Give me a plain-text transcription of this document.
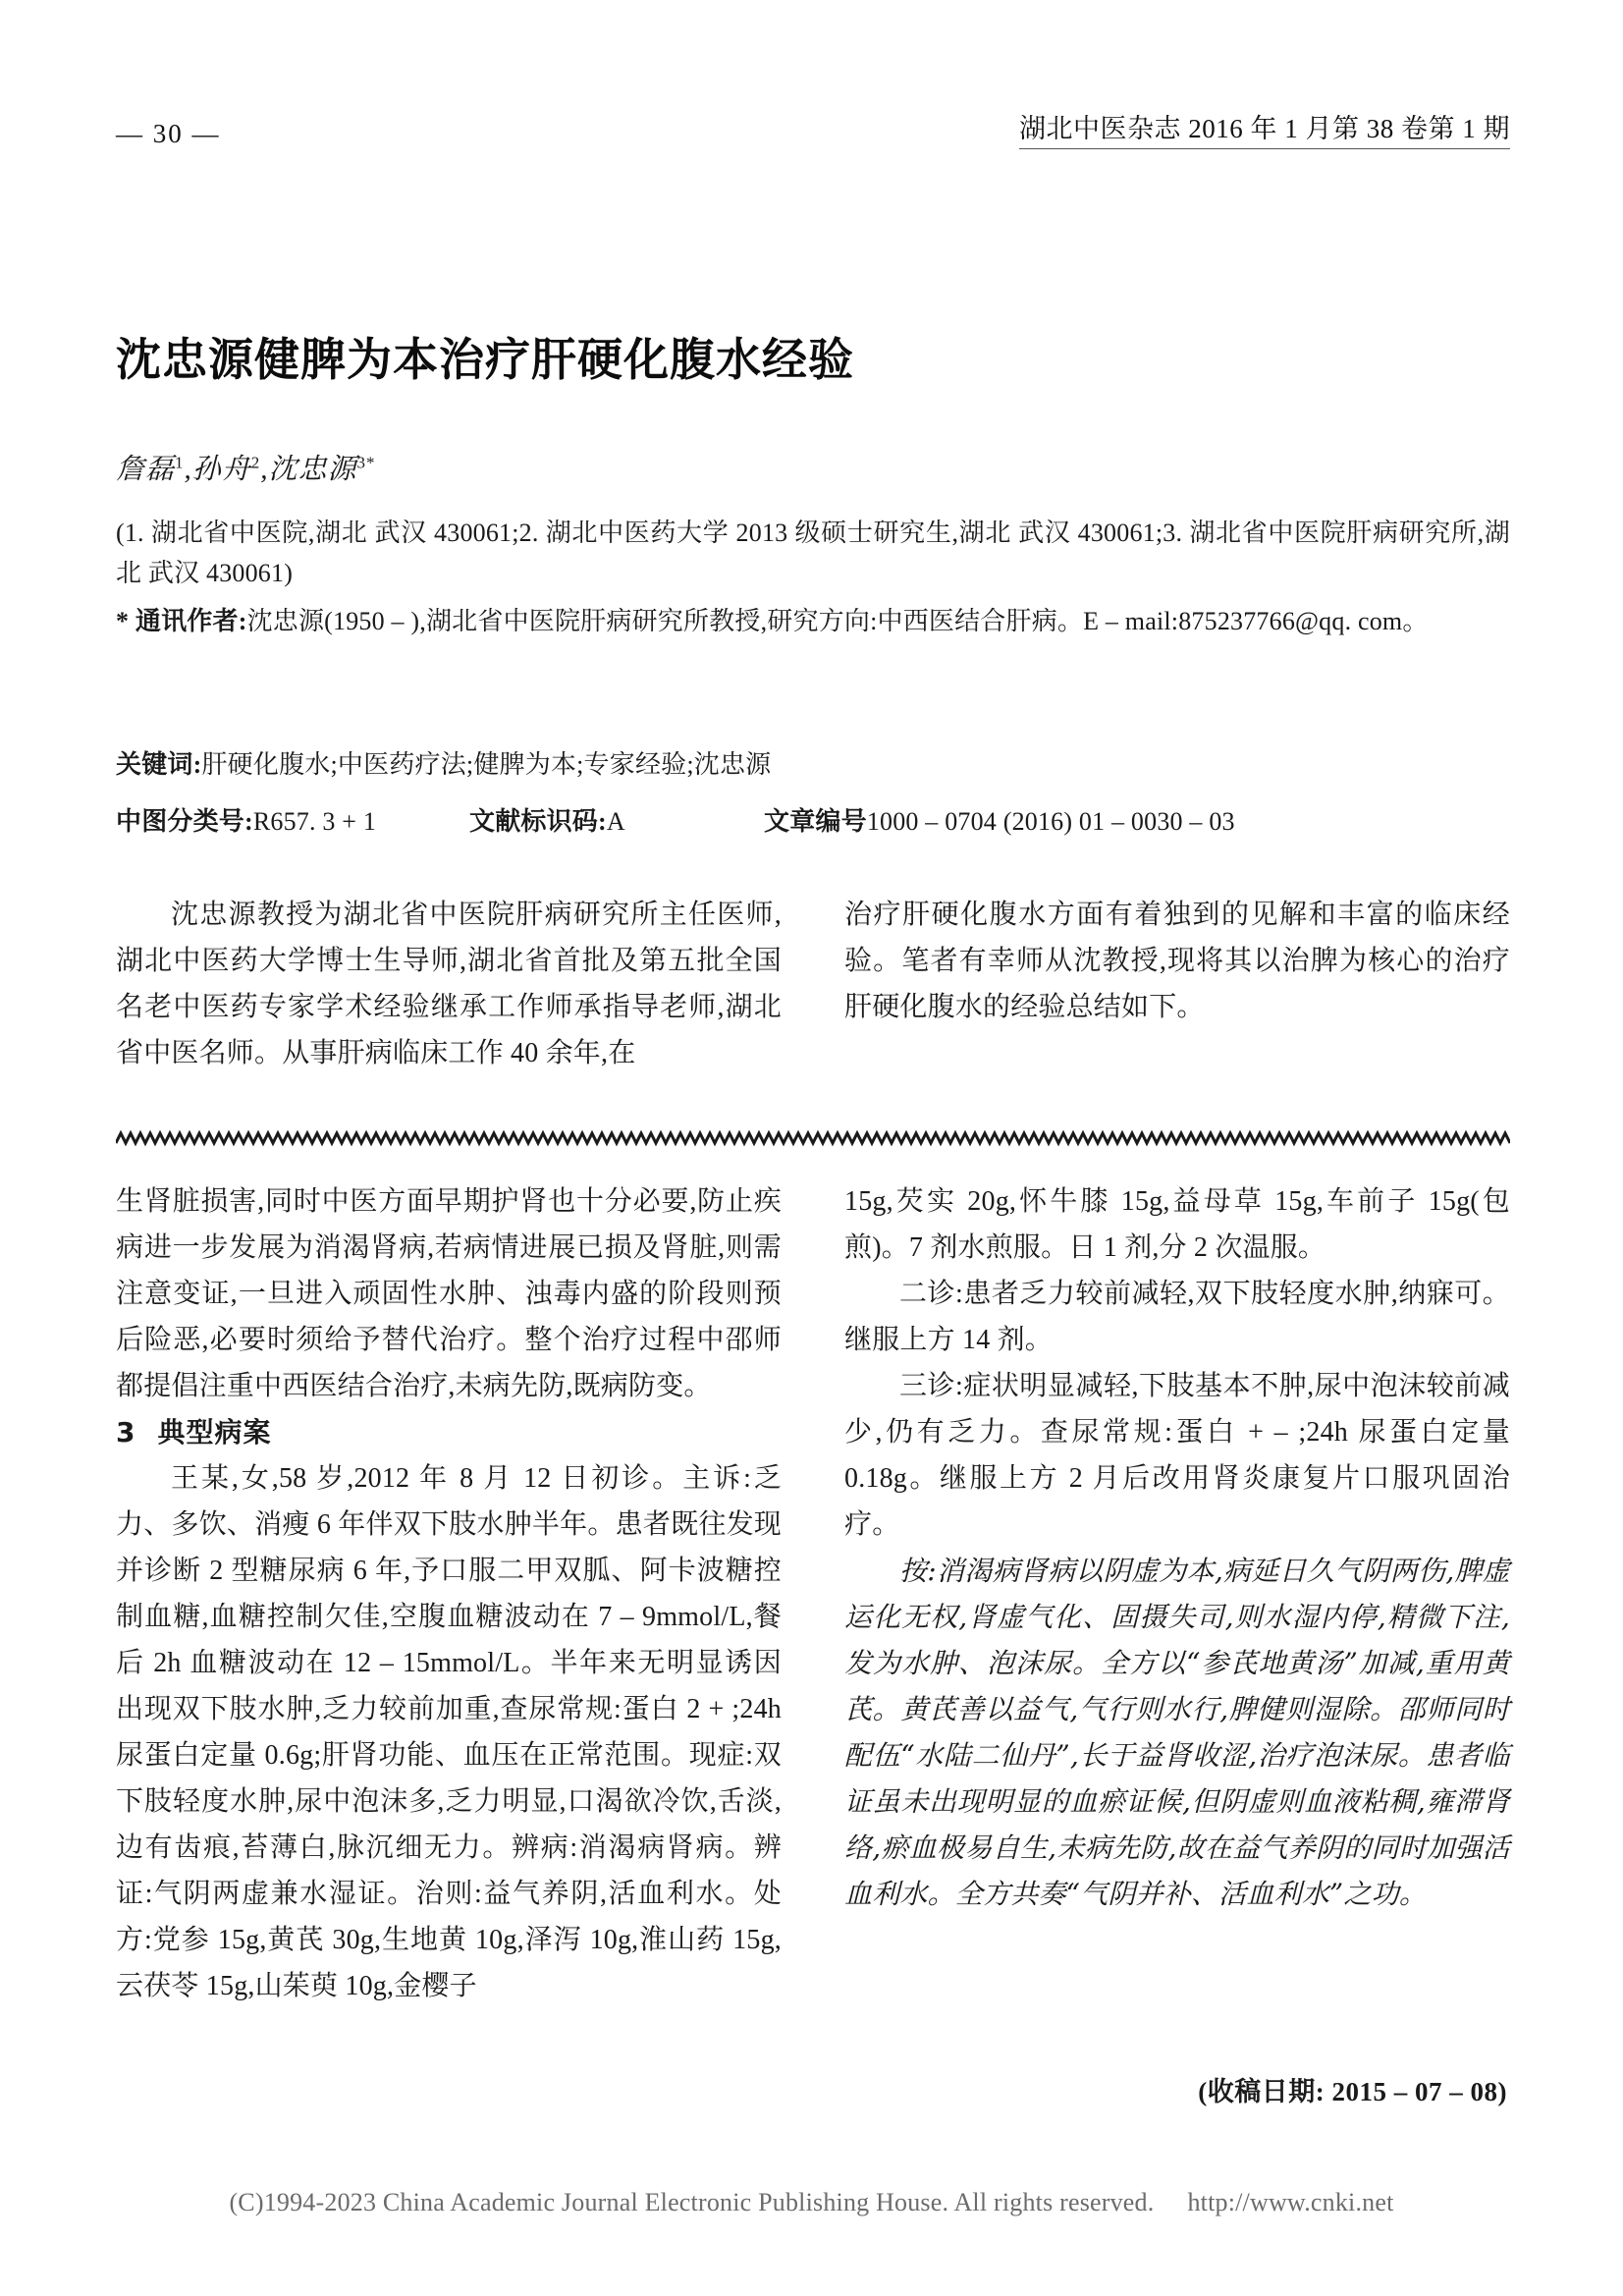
— 30 —	湖北中医杂志 2016 年 1 月第 38 卷第 1 期
沈忠源健脾为本治疗肝硬化腹水经验
詹磊$^1$,孙舟$^2$,沈忠源$^{3*}$
(1. 湖北省中医院,湖北 武汉 430061;2. 湖北中医药大学 2013 级硕士研究生,湖北 武汉 430061;3. 湖北省中医院肝病研究所,湖北 武汉 430061)
* 通讯作者:沈忠源(1950 – ),湖北省中医院肝病研究所教授,研究方向:中西医结合肝病。E – mail:875237766@qq. com。
关键词:肝硬化腹水;中医药疗法;健脾为本;专家经验;沈忠源
中图分类号:R657. 3 + 1	文献标识码:A	文章编号1000 – 0704 (2016) 01 – 0030 – 03

沈忠源教授为湖北省中医院肝病研究所主任医师,湖北中医药大学博士生导师,湖北省首批及第五批全国名老中医药专家学术经验继承工作师承指导老师,湖北省中医名师。从事肝病临床工作 40 余年,在

治疗肝硬化腹水方面有着独到的见解和丰富的临床经验。笔者有幸师从沈教授,现将其以治脾为核心的治疗肝硬化腹水的经验总结如下。

生肾脏损害,同时中医方面早期护肾也十分必要,防止疾病进一步发展为消渴肾病,若病情进展已损及肾脏,则需注意变证,一旦进入顽固性水肿、浊毒内盛的阶段则预后险恶,必要时须给予替代治疗。整个治疗过程中邵师都提倡注重中西医结合治疗,未病先防,既病防变。

3 典型病案

王某,女,58 岁,2012 年 8 月 12 日初诊。主诉:乏力、多饮、消瘦 6 年伴双下肢水肿半年。患者既往发现并诊断 2 型糖尿病 6 年,予口服二甲双胍、阿卡波糖控制血糖,血糖控制欠佳,空腹血糖波动在 7 – 9mmol/L,餐后 2h 血糖波动在 12 – 15mmol/L。半年来无明显诱因出现双下肢水肿,乏力较前加重,查尿常规:蛋白 2 + ;24h 尿蛋白定量 0.6g;肝肾功能、血压在正常范围。现症:双下肢轻度水肿,尿中泡沫多,乏力明显,口渴欲冷饮,舌淡,边有齿痕,苔薄白,脉沉细无力。辨病:消渴病肾病。辨证:气阴两虚兼水湿证。治则:益气养阴,活血利水。处方:党参 15g,黄芪 30g,生地黄 10g,泽泻 10g,淮山药 15g,云茯苓 15g,山茱萸 10g,金樱子

15g,芡实 20g,怀牛膝 15g,益母草 15g,车前子 15g(包煎)。7 剂水煎服。日 1 剂,分 2 次温服。

二诊:患者乏力较前减轻,双下肢轻度水肿,纳寐可。继服上方 14 剂。

三诊:症状明显减轻,下肢基本不肿,尿中泡沫较前减少,仍有乏力。查尿常规:蛋白 + – ;24h 尿蛋白定量 0.18g。继服上方 2 月后改用肾炎康复片口服巩固治疗。

按:消渴病肾病以阴虚为本,病延日久气阴两伤,脾虚运化无权,肾虚气化、固摄失司,则水湿内停,精微下注,发为水肿、泡沫尿。全方以“参芪地黄汤”加减,重用黄芪。黄芪善以益气,气行则水行,脾健则湿除。邵师同时配伍“水陆二仙丹”,长于益肾收涩,治疗泡沫尿。患者临证虽未出现明显的血瘀证候,但阴虚则血液粘稠,雍滞肾络,瘀血极易自生,未病先防,故在益气养阴的同时加强活血利水。全方共奏“气阴并补、活血利水”之功。

(收稿日期: 2015 – 07 – 08)
(C)1994-2023 China Academic Journal Electronic Publishing House. All rights reserved. http://www.cnki.net
